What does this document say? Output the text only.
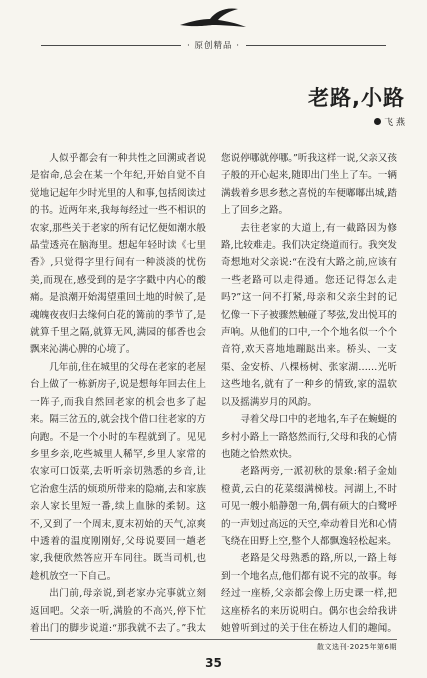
· 原创精品 ·
老路,小路
飞 燕

人似乎都会有一种共性之回溯或者说是宿命,总会在某一个年纪,开始自觉不自觉地记起年少时光里的人和事,包括阅读过的书。近两年来,我每每经过一些不相识的农家,那些关于老家的所有记忆便如潮水般晶莹透亮在脑海里。想起年轻时读《七里香》,只觉得字里行间有一种淡淡的忧伤美,而现在,感受到的是字字戳中内心的酸痛。是浪潮开始渴望重回土地的时候了,是魂魄夜夜归去缘何白花的篝前的季节了,是就算千里之隔,就算无风,满园的郁香也会飘来沁满心脾的心境了。

几年前,住在城里的父母在老家的老屋台上做了一栋新房子,说是想每年回去住上一阵子,而我自然回老家的机会也多了起来。隔三岔五的,就会找个借口往老家的方向跑。不是一个小时的车程就到了。见见乡里乡亲,吃些城里人稀罕,乡里人家常的农家可口饭菜,去听听亲切熟悉的乡音,让它治愈生活的烦琐所带来的隐痛,去和家族亲人家长里短一番,续上血脉的柔韧。这不,又到了一个周末,夏末初始的天气,凉爽中透着的温度刚刚好,父母说要回一趟老家,我便欣然答应开车同往。既当司机,也趁机放空一下自己。

出门前,母亲说,到老家办完事就立刻返回吧。父亲一听,满脸的不高兴,停下忙着出门的脚步说道:“那我就不去了。”我太

您说停哪就停哪。”听我这样一说,父亲又孩子般的开心起来,随即出门坐上了车。一辆满载着乡思乡愁之喜悦的车便嘟嘟出城,踏上了回乡之路。

去往老家的大道上,有一截路因为修路,比较难走。我们决定绕道而行。我突发奇想地对父亲说:“在没有大路之前,应该有一些老路可以走得通。您还记得怎么走吗?”这一问不打紧,母亲和父亲尘封的记忆像一下子被骤然触碰了琴弦,发出悦耳的声响。从他们的口中,一个个地名似一个个音符,欢天喜地地蹦跶出来。桥头、一支渠、金安桥、八棵杨树、张家湖……光听这些地名,就有了一种乡的情致,家的温软以及摇满岁月的风韵。

寻着父母口中的老地名,车子在蜿蜒的乡村小路上一路悠然而行,父母和我的心情也随之恰然欢快。

老路两旁,一派初秋的景象:稻子金灿橙黄,云白的花菜缀满梯枝。河湖上,不时可见一艘小船静憩一角,偶有硕大的白鹭呼的一声划过高远的天空,牵动着目光和心情飞绕在田野上空,整个人都飘逸轻松起来。

老路是父母熟悉的路,所以,一路上每到一个地名点,他们都有说不完的故事。每经过一座桥,父亲都会像上历史课一样,把这座桥名的来历说明白。偶尔也会给我讲她曾听到过的关于住在桥边人们的趣闻。

散文选刊·2025年第6期
35
